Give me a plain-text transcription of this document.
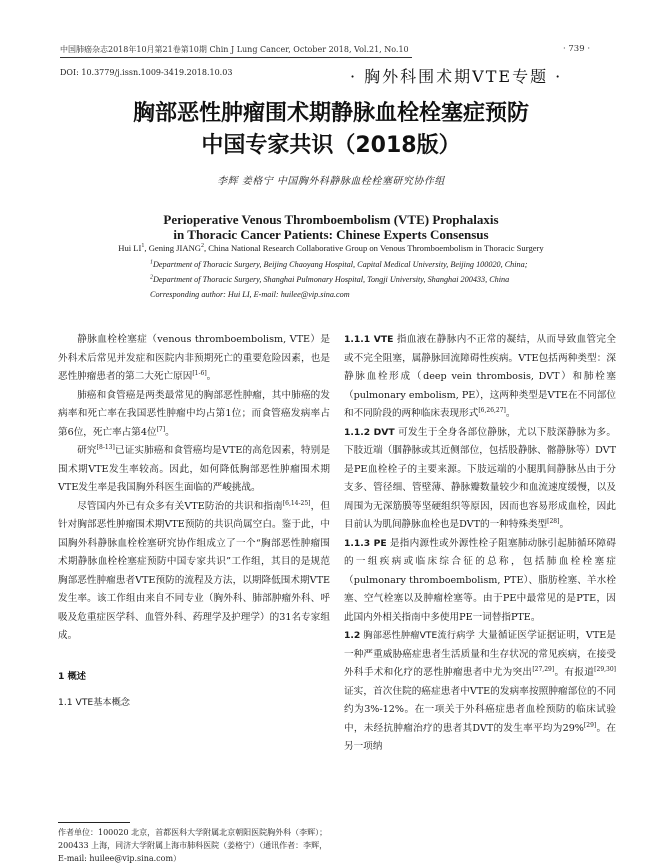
中国肺癌杂志2018年10月第21卷第10期 Chin J Lung Cancer, October 2018, Vol.21, No.10	· 739 ·
DOI: 10.3779/j.issn.1009-3419.2018.10.03	· 胸外科围术期VTE专题 ·
胸部恶性肿瘤围术期静脉血栓栓塞症预防
中国专家共识（2018版）
李辉 姜格宁 中国胸外科静脉血栓栓塞研究协作组
Perioperative Venous Thromboembolism (VTE) Prophalaxis
in Thoracic Cancer Patients: Chinese Experts Consensus
Hui $LI^1$, Gening JIANG$^2$, China National Research Collaborative Group on Venous Thromboembolism in Thoracic Surgery
$^1$Department of Thoracic Surgery, Beijing Chaoyang Hospital, Capital Medical University, Beijing 100020, China;
$^2$Department of Thoracic Surgery, Shanghai Pulmonary Hospital, Tongji University, Shanghai 200433, China
Corresponding author: Hui LI, E-mail: huilee@vip.sina.com

静脉血栓栓塞症（venous thromboembolism, VTE）是外科术后常见并发症和医院内非预期死亡的重要危险因素，也是恶性肿瘤患者的第二大死亡原因[1-6]。

肺癌和食管癌是两类最常见的胸部恶性肿瘤，其中肺癌的发病率和死亡率在我国恶性肿瘤中均占第1位；而食管癌发病率占第6位，死亡率占第4位[7]。

研究[8-13]已证实肺癌和食管癌均是VTE的高危因素，特别是围术期VTE发生率较高。因此，如何降低胸部恶性肿瘤围术期VTE发生率是我国胸外科医生面临的严峻挑战。

尽管国内外已有众多有关VTE防治的共识和指南[6,14-25]，但针对胸部恶性肿瘤围术期VTE预防的共识尚属空白。鉴于此，中国胸外科静脉血栓栓塞研究协作组成立了一个“胸部恶性肿瘤围术期静脉血栓栓塞症预防中国专家共识”工作组，其目的是规范胸部恶性肿瘤患者VTE预防的流程及方法，以期降低围术期VTE发生率。该工作组由来自不同专业（胸外科、肺部肿瘤外科、呼吸及危重症医学科、血管外科、药理学及护理学）的31名专家组成。

1 概述

1.1 VTE基本概念

1.1.1 VTE 指血液在静脉内不正常的凝结，从而导致血管完全或不完全阻塞，属静脉回流障碍性疾病。VTE包括两种类型：深静脉血栓形成（deep vein thrombosis, DVT）和肺栓塞（pulmonary embolism, PE），这两种类型是VTE在不同部位和不同阶段的两种临床表现形式[6,26,27]。

1.1.2 DVT 可发生于全身各部位静脉，尤以下肢深静脉为多。下肢近端（腘静脉或其近侧部位，包括股静脉、髂静脉等）DVT是PE血栓栓子的主要来源。下肢远端的小腿肌间静脉丛由于分支多、管径细、管壁薄、静脉瓣数量较少和血流速度缓慢，以及周围为无深筋膜等坚硬组织等原因，因而也容易形成血栓，因此目前认为肌间静脉血栓也是DVT的一种特殊类型[28]。

1.1.3 PE 是指内源性或外源性栓子阻塞肺动脉引起肺循环障碍的一组疾病或临床综合征的总称，包括肺血栓栓塞症（pulmonary thromboembolism, PTE）、脂肪栓塞、羊水栓塞、空气栓塞以及肿瘤栓塞等。由于PE中最常见的是PTE，因此国内外相关指南中多使用PE一词替指PTE。

1.2 胸部恶性肿瘤VTE流行病学 大量循证医学证据证明，VTE是一种严重威胁癌症患者生活质量和生存状况的常见疾病，在接受外科手术和化疗的恶性肿瘤患者中尤为突出[27,29]。有报道[29,30]证实，首次住院的癌症患者中VTE的发病率按照肿瘤部位的不同约为3%-12%。在一项关于外科癌症患者血栓预防的临床试验中，未经抗肿瘤治疗的患者其DVT的发生率平均为29%[29]。在另一项纳

作者单位：100020 北京，首都医科大学附属北京朝阳医院胸外科（李辉）；200433 上海，同济大学附属上海市肺科医院（姜格宁）（通讯作者：李辉，E-mail: huilee@vip.sina.com）
